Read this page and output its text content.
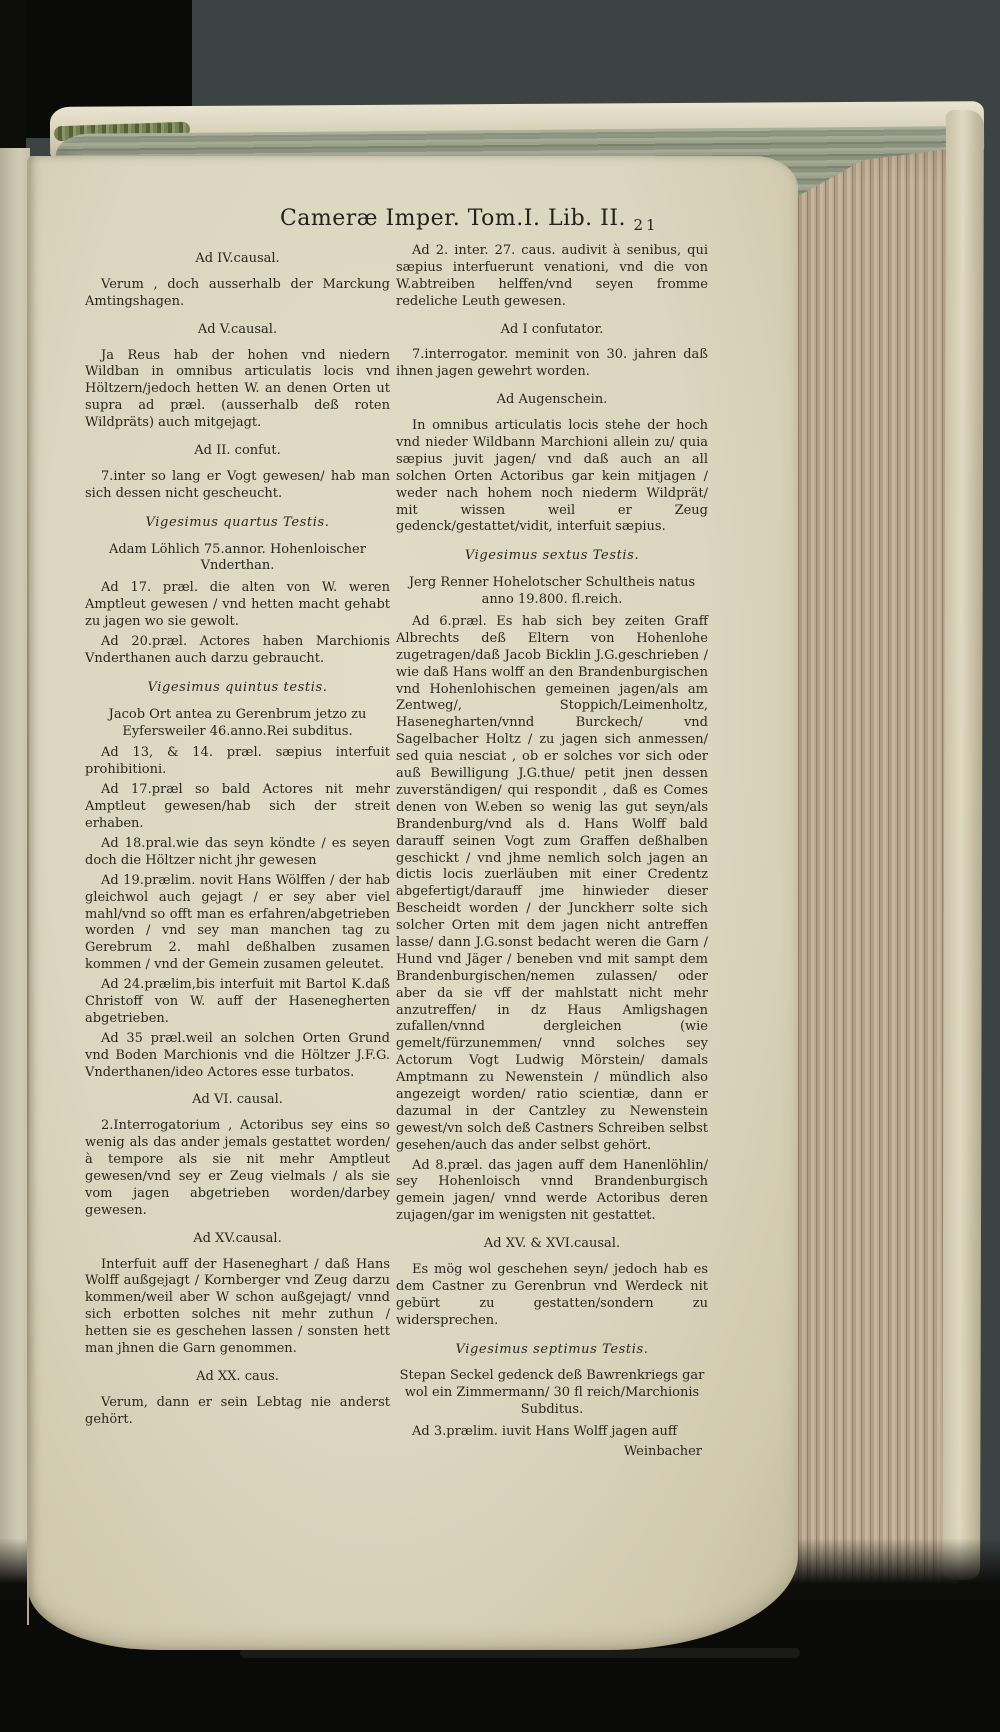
Cameræ Imper. Tom.I. Lib. II. 21
Ad IV.causal.
Verum , doch ausserhalb der Marckung Amtingshagen.
Ad V.causal.
Ja Reus hab der hohen vnd niedern Wildban in omnibus articulatis locis vnd Höltzern/jedoch hetten W. an denen Orten ut supra ad præl. (ausserhalb deß roten Wildpräts) auch mitgejagt.
Ad II. confut.
7.inter so lang er Vogt gewesen/ hab man sich dessen nicht gescheucht.
Vigesimus quartus Testis.
Adam Löhlich 75.annor. Hohenloischer Vnderthan.
Ad 17. præl. die alten von W. weren Amptleut gewesen / vnd hetten macht gehabt zu jagen wo sie gewolt.
Ad 20.præl. Actores haben Marchionis Vnderthanen auch darzu gebraucht.
Vigesimus quintus testis.
Jacob Ort antea zu Gerenbrum jetzo zu Eyfersweiler 46.anno.Rei subditus.
Ad 13, & 14. præl. sæpius interfuit prohibitioni.
Ad 17.præl so bald Actores nit mehr Amptleut gewesen/hab sich der streit erhaben.
Ad 18.pral.wie das seyn köndte / es seyen doch die Höltzer nicht jhr gewesen
Ad 19.prælim. novit Hans Wölffen / der hab gleichwol auch gejagt / er sey aber viel mahl/vnd so offt man es erfahren/abgetrieben worden / vnd sey man manchen tag zu Gerebrum 2. mahl deßhalben zusamen kommen / vnd der Gemein zusamen geleutet.
Ad 24.prælim,bis interfuit mit Bartol K.daß Christoff von W. auff der Hasenegherten abgetrieben.
Ad 35 præl.weil an solchen Orten Grund vnd Boden Marchionis vnd die Höltzer J.F.G. Vnderthanen/ideo Actores esse turbatos.
Ad VI. causal.
2.Interrogatorium , Actoribus sey eins so wenig als das ander jemals gestattet worden/à tempore als sie nit mehr Amptleut gewesen/vnd sey er Zeug vielmals / als sie vom jagen abgetrieben worden/darbey gewesen.
Ad XV.causal.
Interfuit auff der Haseneghart / daß Hans Wolff außgejagt / Kornberger vnd Zeug darzu kommen/weil aber W schon außgejagt/ vnnd sich erbotten solches nit mehr zuthun / hetten sie es geschehen lassen / sonsten hett man jhnen die Garn genommen.
Ad XX. caus.
Verum, dann er sein Lebtag nie anderst gehört.
Ad 2. inter. 27. caus. audivit à senibus, qui sæpius interfuerunt venationi, vnd die von W.abtreiben helffen/vnd seyen fromme redeliche Leuth gewesen.
Ad I confutator.
7.interrogator. meminit von 30. jahren daß ihnen jagen gewehrt worden.
Ad Augenschein.
In omnibus articulatis locis stehe der hoch vnd nieder Wildbann Marchioni allein zu/ quia sæpius juvit jagen/ vnd daß auch an all solchen Orten Actoribus gar kein mitjagen / weder nach hohem noch niederm Wildprät/ mit wissen weil er Zeug gedenck/gestattet/vidit, interfuit sæpius.
Vigesimus sextus Testis.
Jerg Renner Hohelotscher Schultheis natus anno 19.800. fl.reich.
Ad 6.præl. Es hab sich bey zeiten Graff Albrechts deß Eltern von Hohenlohe zugetragen/daß Jacob Bicklin J.G.geschrieben / wie daß Hans wolff an den Brandenburgischen vnd Hohenlohischen gemeinen jagen/als am Zentweg/, Stoppich/Leimenholtz, Hasenegharten/vnnd Burckech/ vnd Sagelbacher Holtz / zu jagen sich anmessen/ sed quia nesciat , ob er solches vor sich oder auß Bewilligung J.G.thue/ petit jnen dessen zuverständigen/ qui respondit , daß es Comes denen von W.eben so wenig las gut seyn/als Brandenburg/vnd als d. Hans Wolff bald darauff seinen Vogt zum Graffen deßhalben geschickt / vnd jhme nemlich solch jagen an dictis locis zuerläuben mit einer Credentz abgefertigt/darauff jme hinwieder dieser Bescheidt worden / der Junckherr solte sich solcher Orten mit dem jagen nicht antreffen lasse/ dann J.G.sonst bedacht weren die Garn / Hund vnd Jäger / beneben vnd mit sampt dem Brandenburgischen/nemen zulassen/ oder aber da sie vff der mahlstatt nicht mehr anzutreffen/ in dz Haus Amligshagen zufallen/vnnd dergleichen (wie gemelt/fürzunemmen/ vnnd solches sey Actorum Vogt Ludwig Mörstein/ damals Amptmann zu Newenstein / mündlich also angezeigt worden/ ratio scientiæ, dann er dazumal in der Cantzley zu Newenstein gewest/vn solch deß Castners Schreiben selbst gesehen/auch das ander selbst gehört.
Ad 8.præl. das jagen auff dem Hanenlöhlin/ sey Hohenloisch vnnd Brandenburgisch gemein jagen/ vnnd werde Actoribus deren zujagen/gar im wenigsten nit gestattet.
Ad XV. & XVI.causal.
Es mög wol geschehen seyn/ jedoch hab es dem Castner zu Gerenbrun vnd Werdeck nit gebürt zu gestatten/sondern zu widersprechen.
Vigesimus septimus Testis.
Stepan Seckel gedenck deß Bawrenkriegs gar wol ein Zimmermann/ 30 fl reich/Marchionis Subditus.
Ad 3.prælim. iuvit Hans Wolff jagen auff
Weinbacher
